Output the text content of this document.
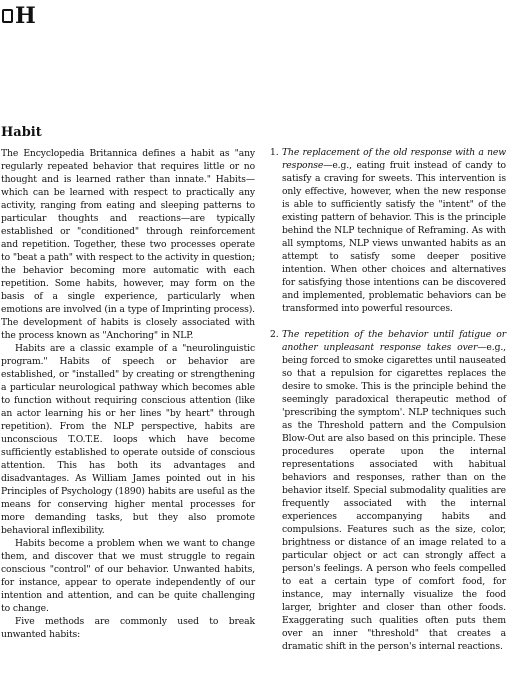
H
Habit

The Encyclopedia Britannica defines a habit as "any regularly repeated behavior that requires little or no thought and is learned rather than innate." Habits—which can be learned with respect to practically any activity, ranging from eating and sleeping patterns to particular thoughts and reactions—are typically established or "conditioned" through reinforcement and repetition. Together, these two processes operate to "beat a path" with respect to the activity in question; the behavior becoming more automatic with each repetition. Some habits, however, may form on the basis of a single experience, particularly when emotions are involved (in a type of Imprinting process). The development of habits is closely associated with the process known as "Anchoring" in NLP.

Habits are a classic example of a "neurolinguistic program." Habits of speech or behavior are established, or "installed" by creating or strengthening a particular neurological pathway which becomes able to function without requiring conscious attention (like an actor learning his or her lines "by heart" through repetition). From the NLP perspective, habits are unconscious T.O.T.E. loops which have become sufficiently established to operate outside of conscious attention. This has both its advantages and disadvantages. As William James pointed out in his Principles of Psychology (1890) habits are useful as the means for conserving higher mental processes for more demanding tasks, but they also promote behavioral inflexibility.

Habits become a problem when we want to change them, and discover that we must struggle to regain conscious "control" of our behavior. Unwanted habits, for instance, appear to operate independently of our intention and attention, and can be quite challenging to change.

Five methods are commonly used to break unwanted habits:

1. The replacement of the old response with a new response—e.g., eating fruit instead of candy to satisfy a craving for sweets. This intervention is only effective, however, when the new response is able to sufficiently satisfy the "intent" of the existing pattern of behavior. This is the principle behind the NLP technique of Reframing. As with all symptoms, NLP views unwanted habits as an attempt to satisfy some deeper positive intention. When other choices and alternatives for satisfying those intentions can be discovered and implemented, problematic behaviors can be transformed into powerful resources.
2. The repetition of the behavior until fatigue or another unpleasant response takes over—e.g., being forced to smoke cigarettes until nauseated so that a repulsion for cigarettes replaces the desire to smoke. This is the principle behind the seemingly paradoxical therapeutic method of 'prescribing the symptom'. NLP techniques such as the Threshold pattern and the Compulsion Blow-Out are also based on this principle. These procedures operate upon the internal representations associated with habitual behaviors and responses, rather than on the behavior itself. Special submodality qualities are frequently associated with the internal experiences accompanying habits and compulsions. Features such as the size, color, brightness or distance of an image related to a particular object or act can strongly affect a person's feelings. A person who feels compelled to eat a certain type of comfort food, for instance, may internally visualize the food larger, brighter and closer than other foods. Exaggerating such qualities often puts them over an inner "threshold" that creates a dramatic shift in the person's internal reactions.
